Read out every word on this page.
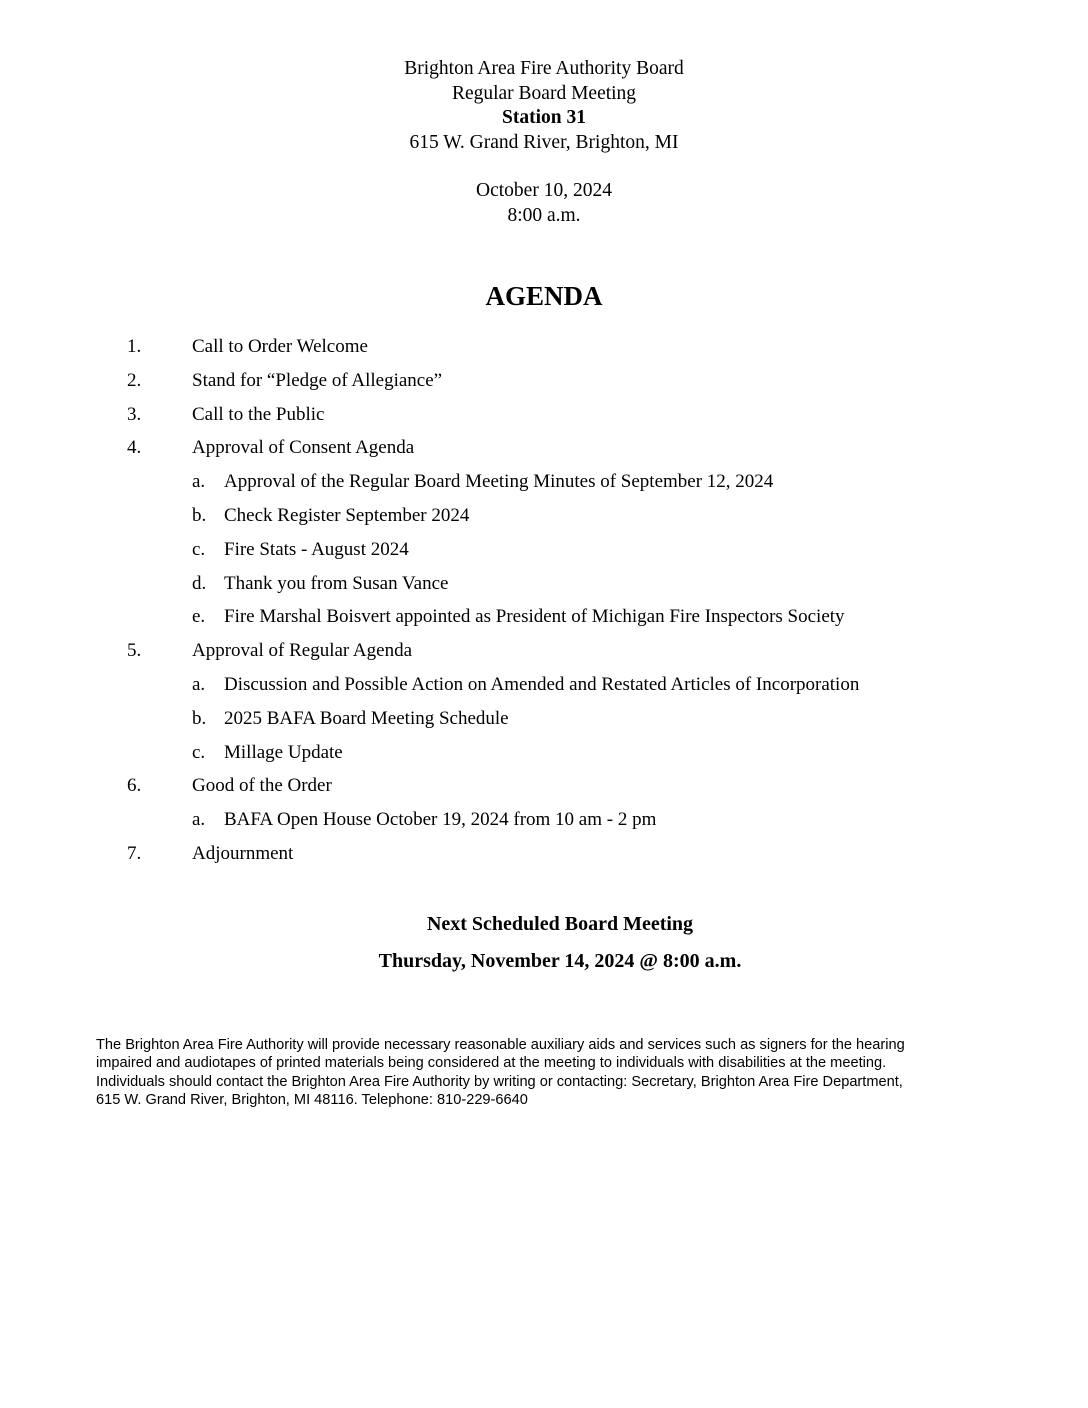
Brighton Area Fire Authority Board
Regular Board Meeting
Station 31
615 W. Grand River, Brighton, MI
October 10, 2024
8:00 a.m.
AGENDA
1.	Call to Order Welcome
2.	Stand for “Pledge of Allegiance”
3.	Call to the Public
4.	Approval of Consent Agenda
a. Approval of the Regular Board Meeting Minutes of September 12, 2024
b. Check Register September 2024
c. Fire Stats - August 2024
d. Thank you from Susan Vance
e. Fire Marshal Boisvert appointed as President of Michigan Fire Inspectors Society
5.	Approval of Regular Agenda
a. Discussion and Possible Action on Amended and Restated Articles of Incorporation
b. 2025 BAFA Board Meeting Schedule
c. Millage Update
6.	Good of the Order
a. BAFA Open House October 19, 2024 from 10 am - 2 pm
7.	Adjournment
Next Scheduled Board Meeting
Thursday, November 14, 2024 @ 8:00 a.m.
The Brighton Area Fire Authority will provide necessary reasonable auxiliary aids and services such as signers for the hearing
impaired and audiotapes of printed materials being considered at the meeting to individuals with disabilities at the meeting.
Individuals should contact the Brighton Area Fire Authority by writing or contacting: Secretary, Brighton Area Fire Department,
615 W. Grand River, Brighton, MI 48116. Telephone: 810-229-6640
